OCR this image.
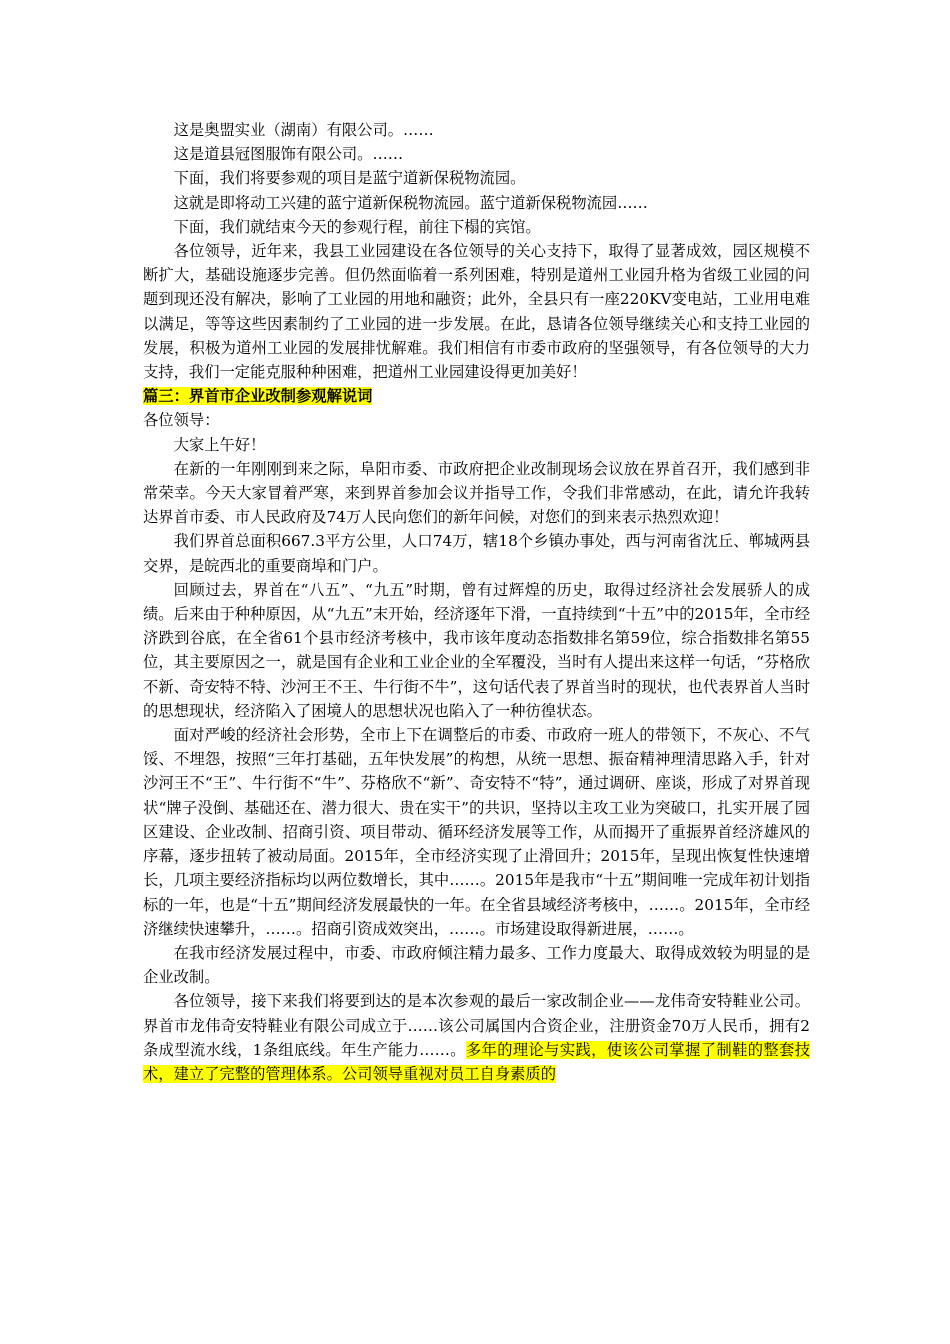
这是奥盟实业（湖南）有限公司。……

这是道县冠图服饰有限公司。……

下面，我们将要参观的项目是蓝宁道新保税物流园。

这就是即将动工兴建的蓝宁道新保税物流园。蓝宁道新保税物流园……

下面，我们就结束今天的参观行程，前往下榻的宾馆。

各位领导，近年来，我县工业园建设在各位领导的关心支持下，取得了显著成效，园区规模不断扩大，基础设施逐步完善。但仍然面临着一系列困难，特别是道州工业园升格为省级工业园的问题到现还没有解决，影响了工业园的用地和融资；此外，全县只有一座220KV变电站，工业用电难以满足，等等这些因素制约了工业园的进一步发展。在此，恳请各位领导继续关心和支持工业园的发展，积极为道州工业园的发展排忧解难。我们相信有市委市政府的坚强领导，有各位领导的大力支持，我们一定能克服种种困难，把道州工业园建设得更加美好！

篇三：界首市企业改制参观解说词

各位领导：

大家上午好！

在新的一年刚刚到来之际，阜阳市委、市政府把企业改制现场会议放在界首召开，我们感到非常荣幸。今天大家冒着严寒，来到界首参加会议并指导工作，令我们非常感动，在此，请允许我转达界首市委、市人民政府及74万人民向您们的新年问候，对您们的到来表示热烈欢迎！

我们界首总面积667.3平方公里，人口74万，辖18个乡镇办事处，西与河南省沈丘、郸城两县交界，是皖西北的重要商埠和门户。

回顾过去，界首在“八五”、“九五”时期，曾有过辉煌的历史，取得过经济社会发展骄人的成绩。后来由于种种原因，从“九五”末开始，经济逐年下滑，一直持续到“十五”中的2015年，全市经济跌到谷底，在全省61个县市经济考核中，我市该年度动态指数排名第59位，综合指数排名第55位，其主要原因之一，就是国有企业和工业企业的全军覆没，当时有人提出来这样一句话，“芬格欣不新、奇安特不特、沙河王不王、牛行街不牛”，这句话代表了界首当时的现状，也代表界首人当时的思想现状，经济陷入了困境人的思想状况也陷入了一种彷徨状态。

面对严峻的经济社会形势，全市上下在调整后的市委、市政府一班人的带领下，不灰心、不气馁、不埋怨，按照“三年打基础，五年快发展”的构想，从统一思想、振奋精神理清思路入手，针对沙河王不“王”、牛行街不“牛”、芬格欣不“新”、奇安特不“特”，通过调研、座谈，形成了对界首现状“牌子没倒、基础还在、潜力很大、贵在实干”的共识，坚持以主攻工业为突破口，扎实开展了园区建设、企业改制、招商引资、项目带动、循环经济发展等工作，从而揭开了重振界首经济雄风的序幕，逐步扭转了被动局面。2015年，全市经济实现了止滑回升；2015年，呈现出恢复性快速增长，几项主要经济指标均以两位数增长，其中……。2015年是我市“十五”期间唯一完成年初计划指标的一年，也是“十五”期间经济发展最快的一年。在全省县域经济考核中，……。2015年，全市经济继续快速攀升，……。招商引资成效突出，……。市场建设取得新进展，……。

在我市经济发展过程中，市委、市政府倾注精力最多、工作力度最大、取得成效较为明显的是企业改制。

各位领导，接下来我们将要到达的是本次参观的最后一家改制企业——龙伟奇安特鞋业公司。界首市龙伟奇安特鞋业有限公司成立于……该公司属国内合资企业，注册资金70万人民币，拥有2条成型流水线，1条组底线。年生产能力……。多年的理论与实践，使该公司掌握了制鞋的整套技术，建立了完整的管理体系。公司领导重视对员工自身素质的
